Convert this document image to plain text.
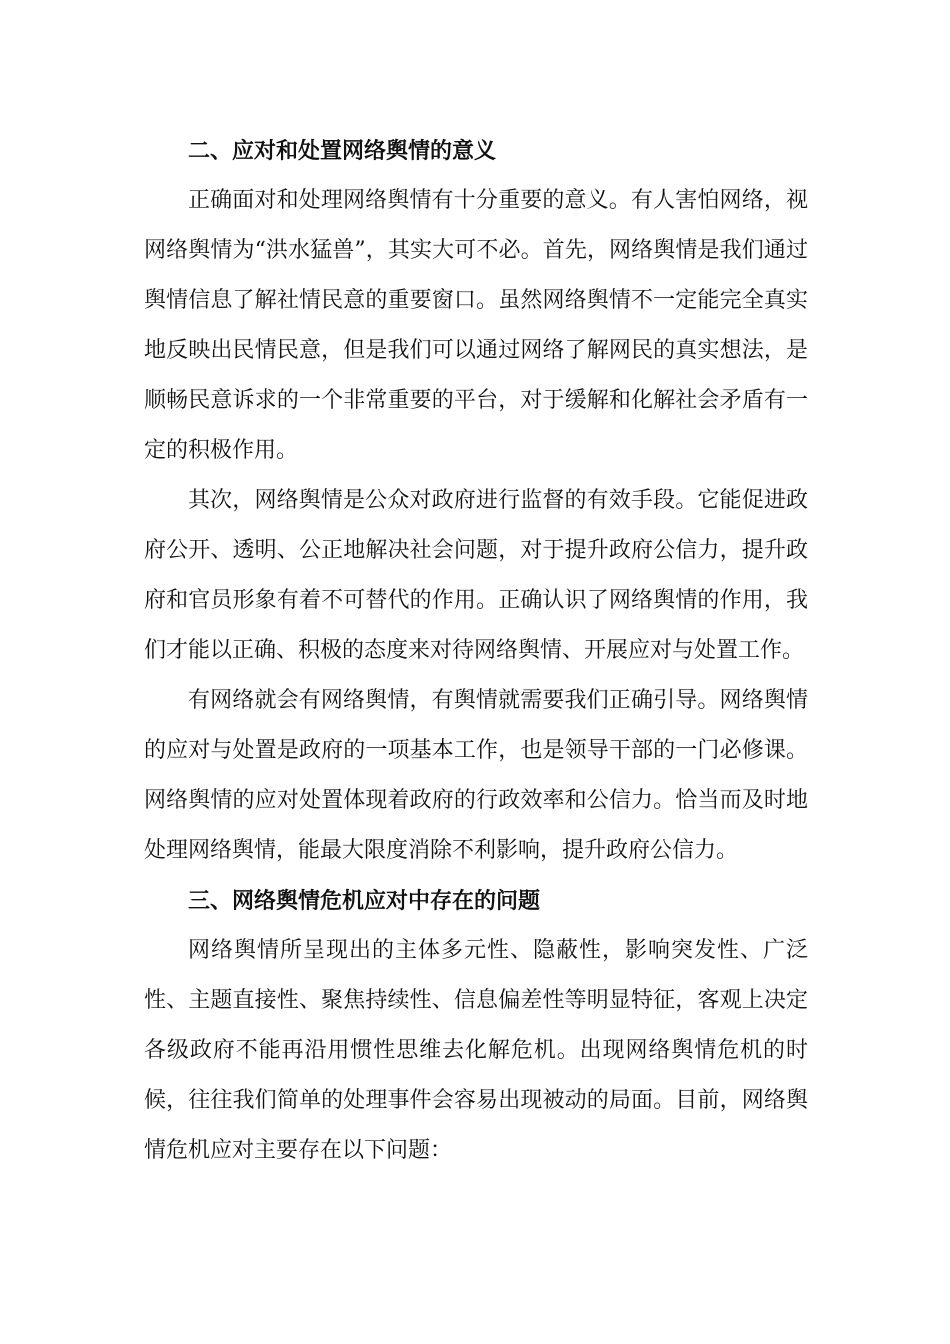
二、应对和处置网络舆情的意义

正确面对和处理网络舆情有十分重要的意义。有人害怕网络，视网络舆情为“洪水猛兽”，其实大可不必。首先，网络舆情是我们通过舆情信息了解社情民意的重要窗口。虽然网络舆情不一定能完全真实地反映出民情民意，但是我们可以通过网络了解网民的真实想法，是顺畅民意诉求的一个非常重要的平台，对于缓解和化解社会矛盾有一定的积极作用。

其次，网络舆情是公众对政府进行监督的有效手段。它能促进政府公开、透明、公正地解决社会问题，对于提升政府公信力，提升政府和官员形象有着不可替代的作用。正确认识了网络舆情的作用，我们才能以正确、积极的态度来对待网络舆情、开展应对与处置工作。

有网络就会有网络舆情，有舆情就需要我们正确引导。网络舆情的应对与处置是政府的一项基本工作，也是领导干部的一门必修课。网络舆情的应对处置体现着政府的行政效率和公信力。恰当而及时地处理网络舆情，能最大限度消除不利影响，提升政府公信力。

三、网络舆情危机应对中存在的问题

网络舆情所呈现出的主体多元性、隐蔽性，影响突发性、广泛性、主题直接性、聚焦持续性、信息偏差性等明显特征，客观上决定各级政府不能再沿用惯性思维去化解危机。出现网络舆情危机的时候，往往我们简单的处理事件会容易出现被动的局面。目前，网络舆情危机应对主要存在以下问题：
